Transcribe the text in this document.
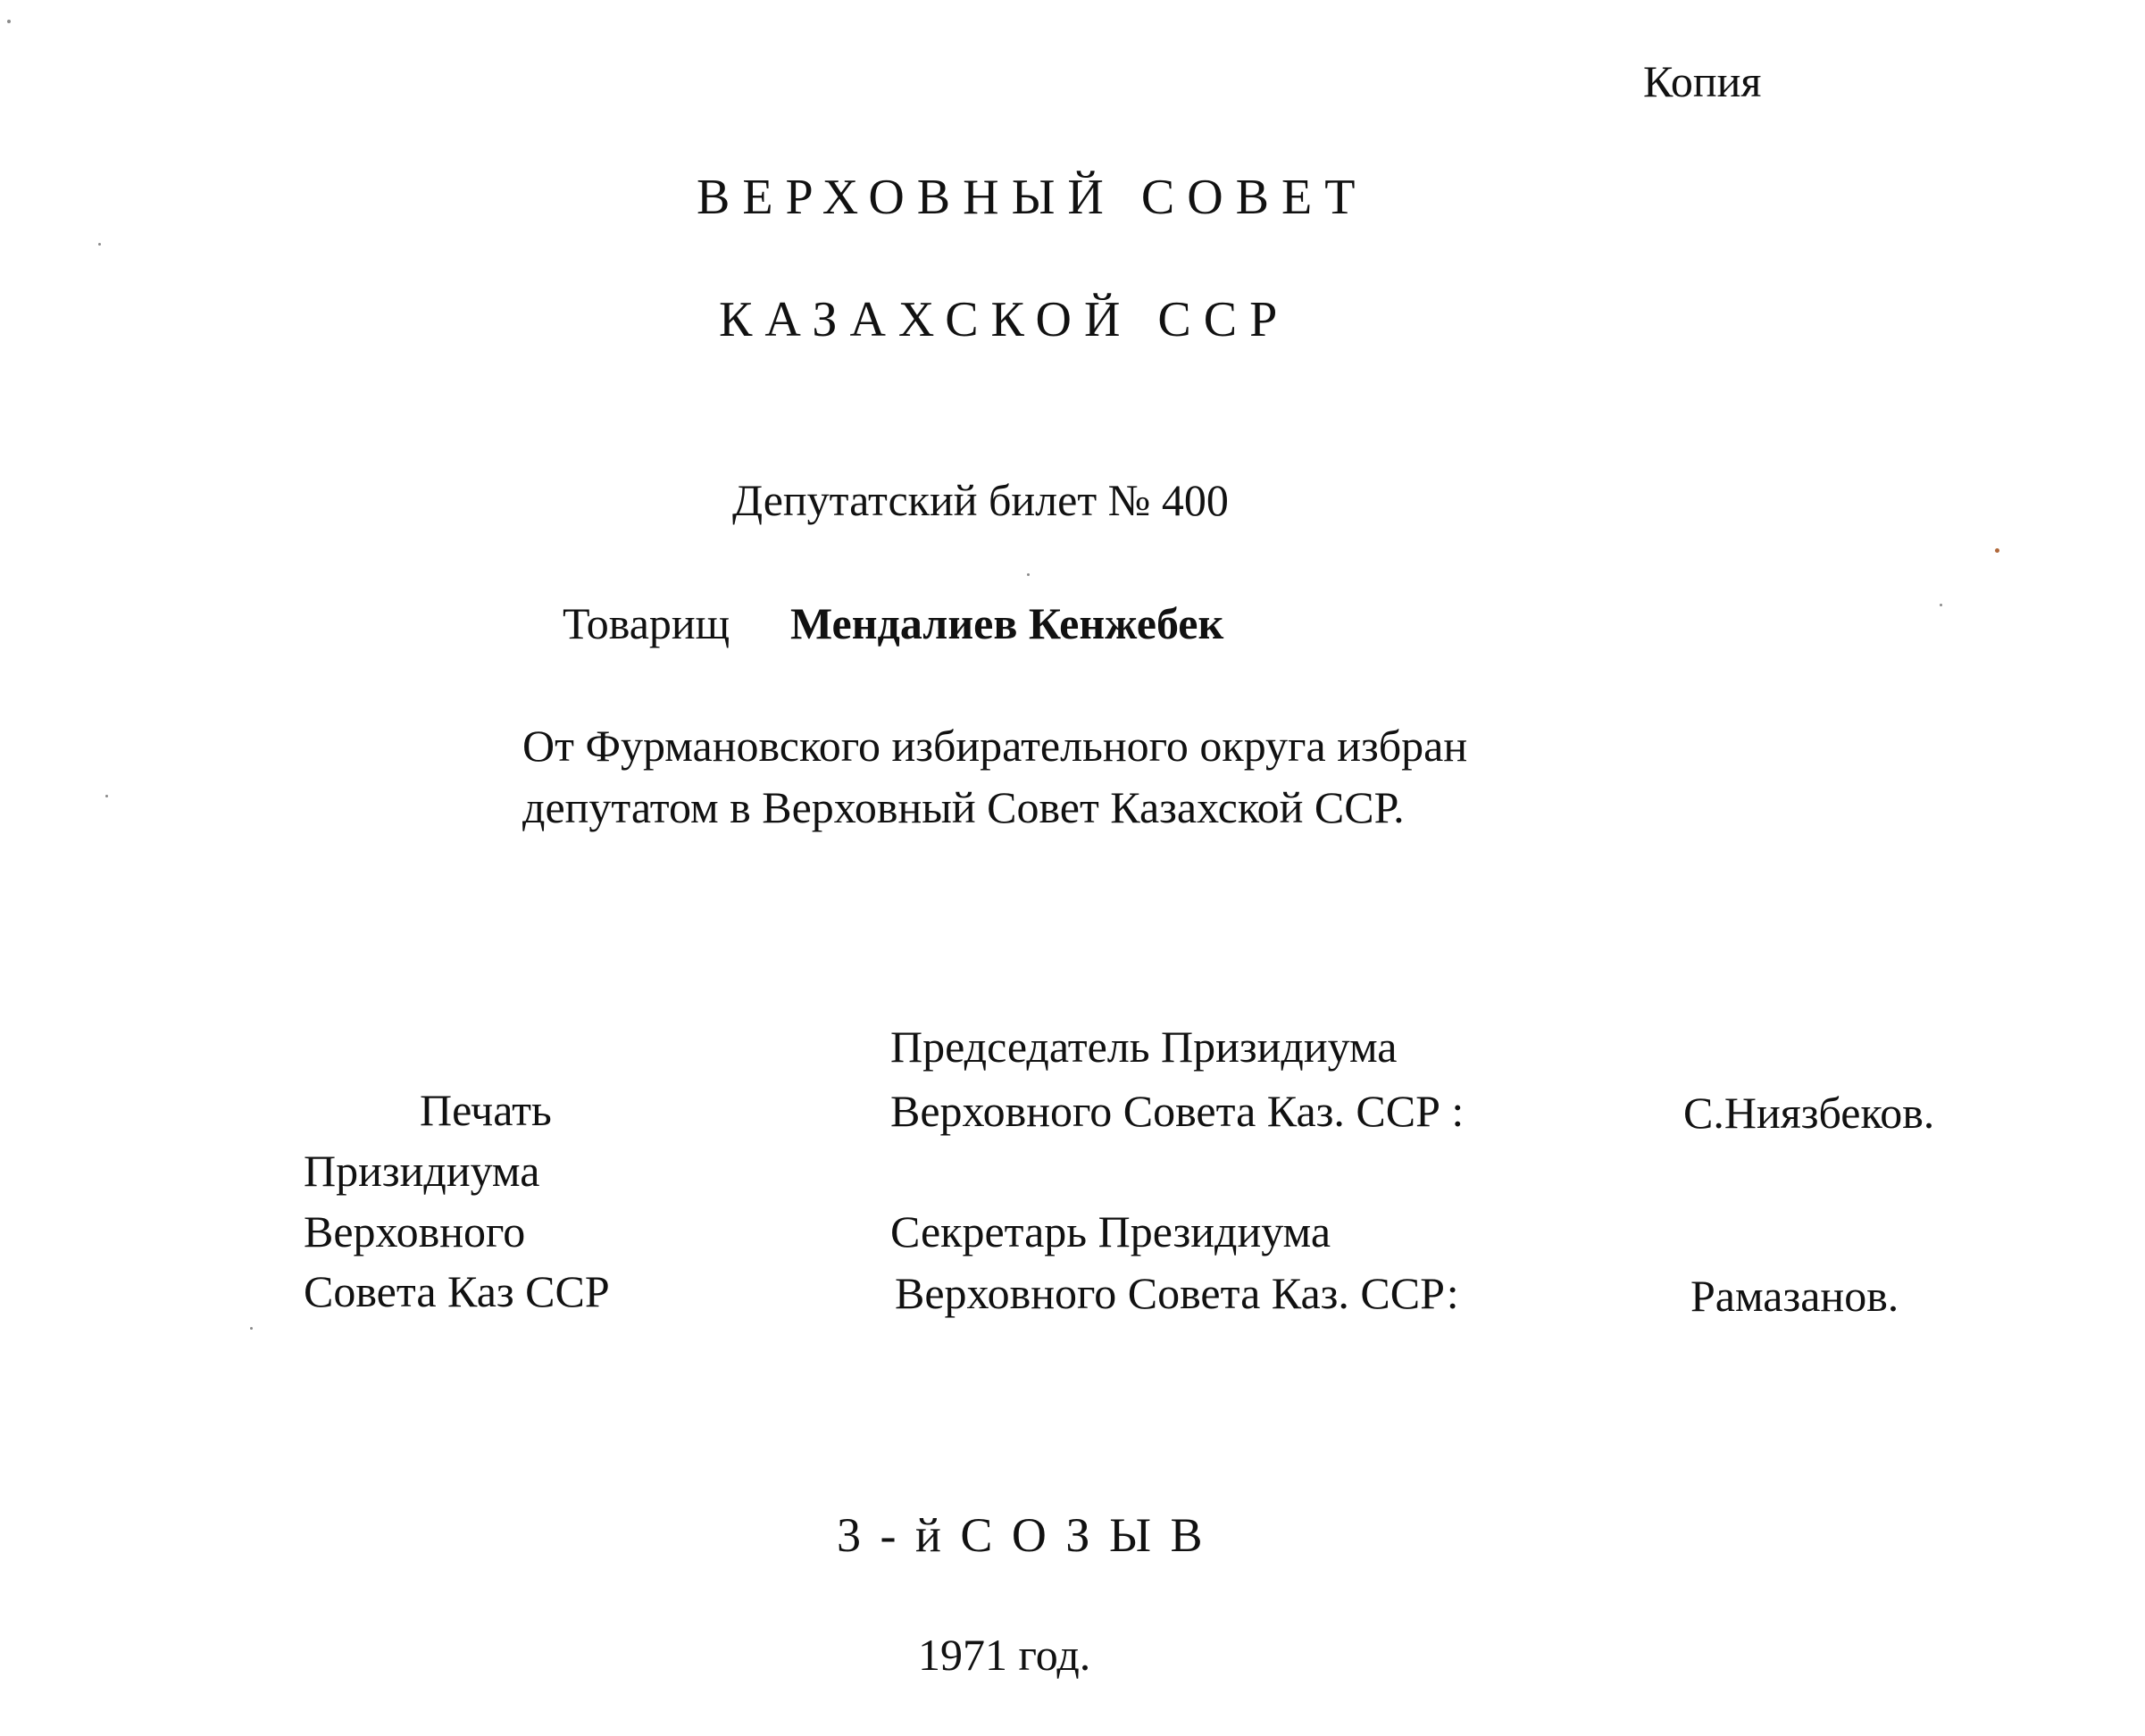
Копия
ВЕРХОВНЫЙ СОВЕТ
КАЗАХСКОЙ ССР
Депутатский билет № 400
Товарищ Мендалиев Кенжебек
От Фурмановского избирательного округа избран
депутатом в Верховный Совет Казахской ССР.
Печать
Призидиума
Верховного
Совета Каз ССР
Председатель Призидиума
Верховного Совета Каз. ССР :	С.Ниязбеков.
Секретарь Президиума
Верховного Совета Каз. ССР:	Рамазанов.
3 - й С О З Ы В
1971 год.
